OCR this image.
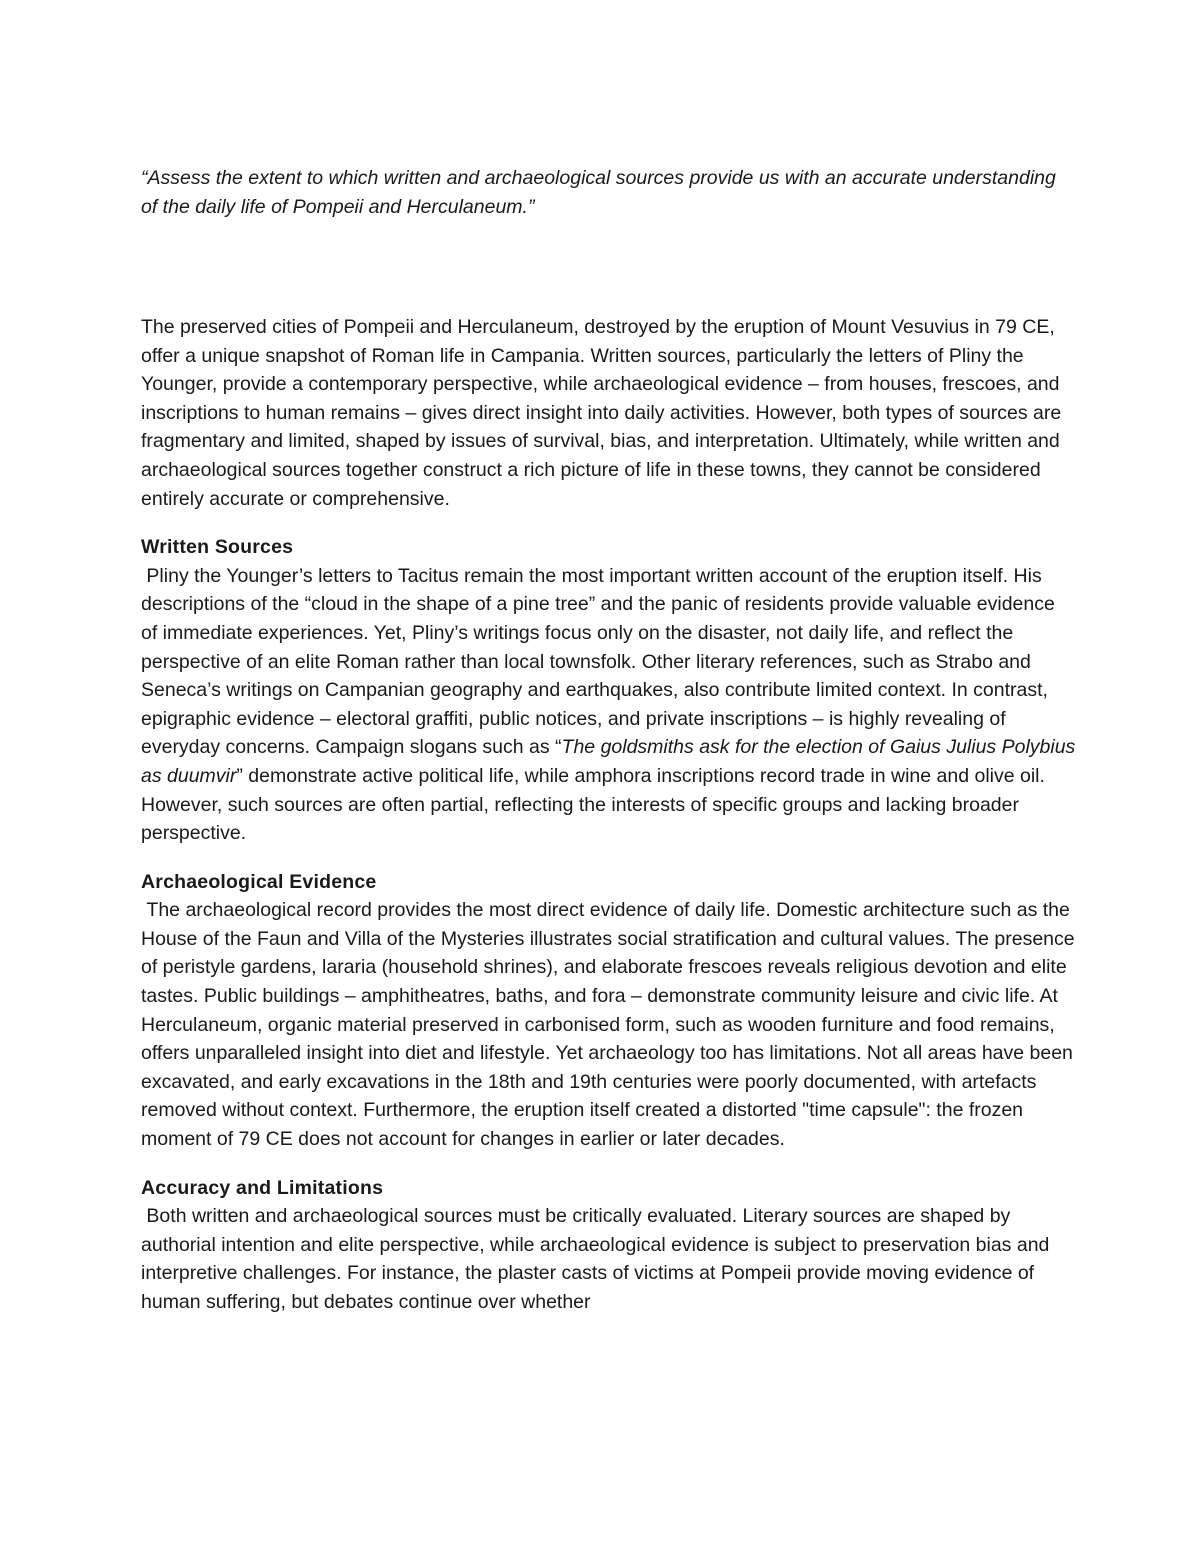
“Assess the extent to which written and archaeological sources provide us with an accurate understanding of the daily life of Pompeii and Herculaneum.”

The preserved cities of Pompeii and Herculaneum, destroyed by the eruption of Mount Vesuvius in 79 CE, offer a unique snapshot of Roman life in Campania. Written sources, particularly the letters of Pliny the Younger, provide a contemporary perspective, while archaeological evidence – from houses, frescoes, and inscriptions to human remains – gives direct insight into daily activities. However, both types of sources are fragmentary and limited, shaped by issues of survival, bias, and interpretation. Ultimately, while written and archaeological sources together construct a rich picture of life in these towns, they cannot be considered entirely accurate or comprehensive.

Written Sources

Pliny the Younger’s letters to Tacitus remain the most important written account of the eruption itself. His descriptions of the “cloud in the shape of a pine tree” and the panic of residents provide valuable evidence of immediate experiences. Yet, Pliny’s writings focus only on the disaster, not daily life, and reflect the perspective of an elite Roman rather than local townsfolk. Other literary references, such as Strabo and Seneca’s writings on Campanian geography and earthquakes, also contribute limited context. In contrast, epigraphic evidence – electoral graffiti, public notices, and private inscriptions – is highly revealing of everyday concerns. Campaign slogans such as “The goldsmiths ask for the election of Gaius Julius Polybius as duumvir” demonstrate active political life, while amphora inscriptions record trade in wine and olive oil. However, such sources are often partial, reflecting the interests of specific groups and lacking broader perspective.

Archaeological Evidence

The archaeological record provides the most direct evidence of daily life. Domestic architecture such as the House of the Faun and Villa of the Mysteries illustrates social stratification and cultural values. The presence of peristyle gardens, lararia (household shrines), and elaborate frescoes reveals religious devotion and elite tastes. Public buildings – amphitheatres, baths, and fora – demonstrate community leisure and civic life. At Herculaneum, organic material preserved in carbonised form, such as wooden furniture and food remains, offers unparalleled insight into diet and lifestyle. Yet archaeology too has limitations. Not all areas have been excavated, and early excavations in the 18th and 19th centuries were poorly documented, with artefacts removed without context. Furthermore, the eruption itself created a distorted "time capsule": the frozen moment of 79 CE does not account for changes in earlier or later decades.

Accuracy and Limitations

Both written and archaeological sources must be critically evaluated. Literary sources are shaped by authorial intention and elite perspective, while archaeological evidence is subject to preservation bias and interpretive challenges. For instance, the plaster casts of victims at Pompeii provide moving evidence of human suffering, but debates continue over whether
